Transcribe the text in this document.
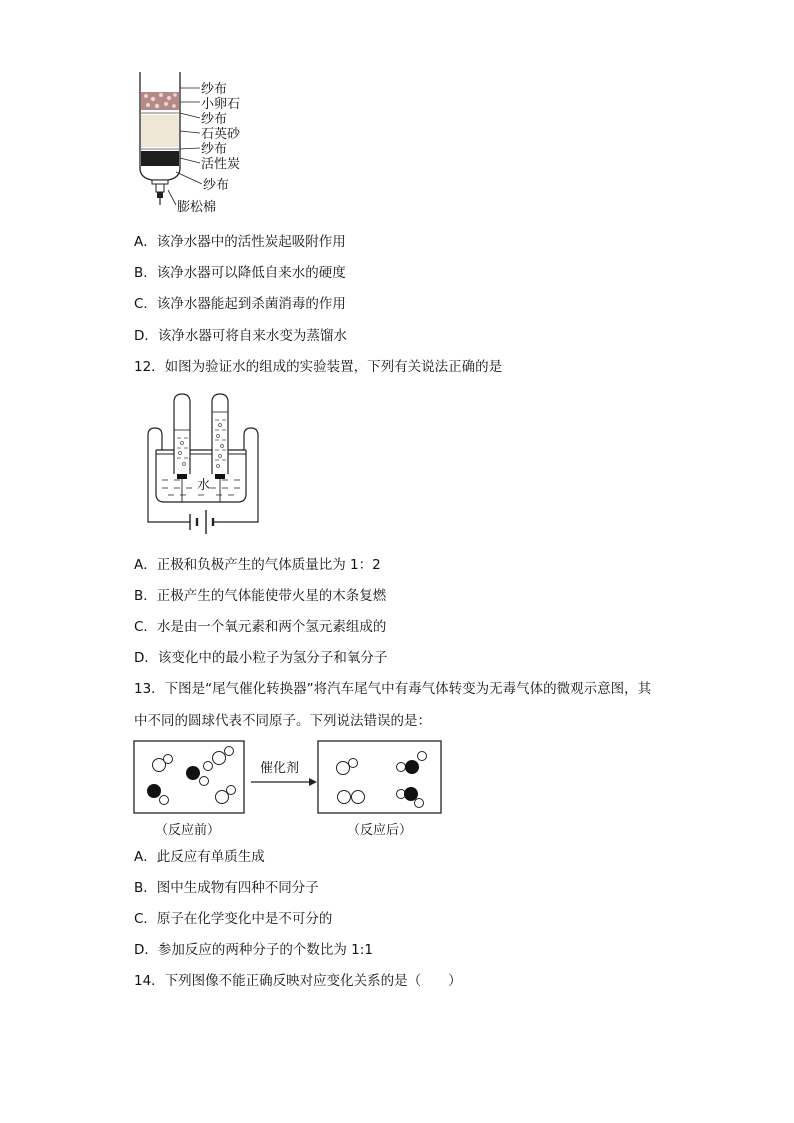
纱布
小卵石
纱布
石英砂
纱布
活性炭
纱布
膨松棉
A．该净水器中的活性炭起吸附作用
B．该净水器可以降低自来水的硬度
C．该净水器能起到杀菌消毒的作用
D．该净水器可将自来水变为蒸馏水
12．如图为验证水的组成的实验装置，下列有关说法正确的是
水
A．正极和负极产生的气体质量比为 1：2
B．正极产生的气体能使带火星的木条复燃
C．水是由一个氧元素和两个氢元素组成的
D．该变化中的最小粒子为氢分子和氧分子
13．下图是“尾气催化转换器”将汽车尾气中有毒气体转变为无毒气体的微观示意图，其
中不同的圆球代表不同原子。下列说法错误的是：
催化剂
（反应前）	（反应后）
A．此反应有单质生成
B．图中生成物有四种不同分子
C．原子在化学变化中是不可分的
D．参加反应的两种分子的个数比为 1:1
14．下列图像不能正确反映对应变化关系的是（　　）
